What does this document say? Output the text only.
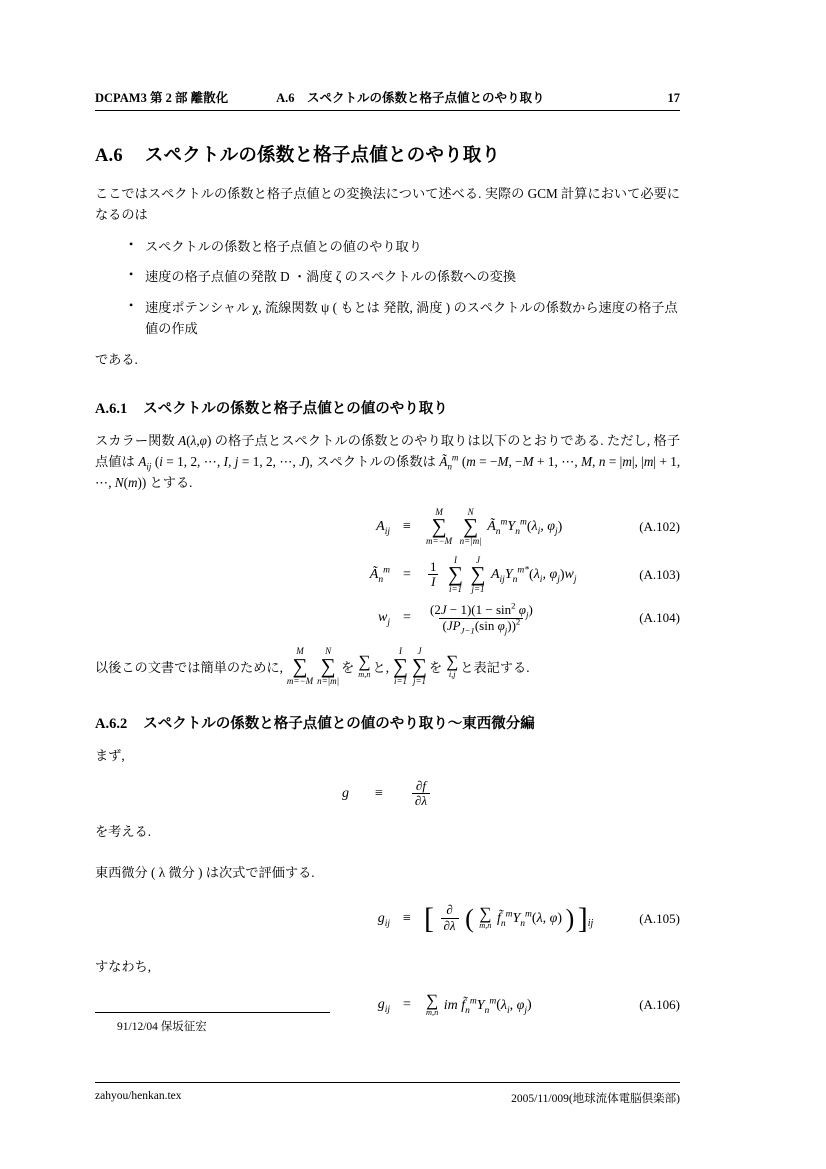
DCPAM3 第 2 部 離散化	A.6 スペクトルの係数と格子点値とのやり取り	17
A.6 スペクトルの係数と格子点値とのやり取り

ここではスペクトルの係数と格子点値との変換法について述べる. 実際の GCM 計算において必要になるのは

• スペクトルの係数と格子点値との値のやり取り
• 速度の格子点値の発散 D ・渦度 ζ のスペクトルの係数への変換
• 速度ポテンシャル χ, 流線関数 ψ ( もとは 発散, 渦度 ) のスペクトルの係数から速度の格子点値の作成

である.

A.6.1 スペクトルの係数と格子点値との値のやり取り

スカラー関数 A(λ,φ) の格子点とスペクトルの係数とのやり取りは以下のとおりである. ただし, 格子点値は $A_{ij}$ (i = 1, 2, ⋯, I, j = 1, 2, ⋯, J), スペクトルの係数は $Ã_n^m$ (m = −M, −M + 1, ⋯, M, n = |m|, |m| + 1, ⋯, N(m)) とする.

$A_{ij}$ ≡
M
∑
m=−M

N
∑
n=|m|
$Ã_n^mY_n^m(\lambda_i$, $\varphi_j$)	(A.102)
$Ã_n^m$ =	$\frac{1}{I}$

I
∑
i=1

J
∑
j=1
$A_{ij}Y_n^{m*}(\lambda_i$, $\varphi_j)w_j$	(A.103)
$w_j$ =	$\frac{(2J - 1)(1 - \sin^2 \varphi_j)}{(JP_{J-1}(\sin \varphi_j))^2}$	(A.104)
以後この文書では簡単のために,
M
∑
m=−M
N
∑
n=|m|
を ∑
m,n と,
I
∑
i=1
J
∑
j=1
を ∑
i,j と表記する.
A.6.2 スペクトルの係数と格子点値との値のやり取り〜東西微分編

まず,

$g \equiv \frac{\partial f}{\partial\lambda}$

を考える.

東西微分 ( λ 微分 ) は次式で評価する.

$g_{ij}$ ≡ [ $\frac{\partial}{\partial\lambda}$ ( ∑
m,n $f̃_n^mY_n^m(\lambda$, φ) ) ]$_{ij}$	(A.105)

すなわち,

$g_{ij}$ = ∑
m,n im $f̃_n^mY_n^m(\lambda_i$, $\varphi_j$)	(A.106)
91/12/04 保坂征宏
zahyou/henkan.tex	2005/11/009(地球流体電脳倶楽部)
